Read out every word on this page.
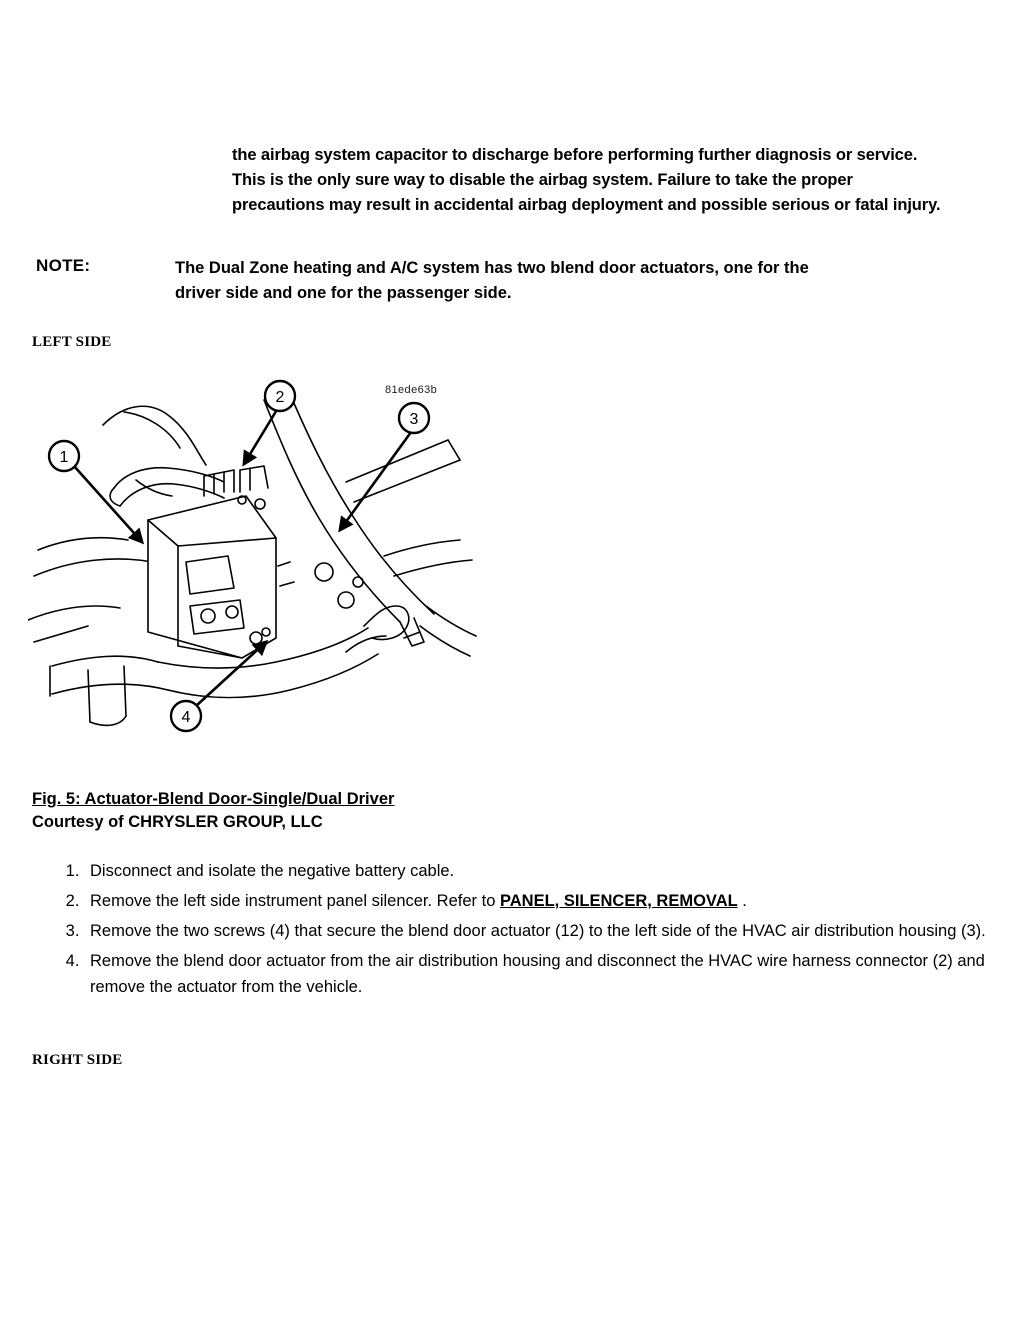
the airbag system capacitor to discharge before performing further diagnosis or service. This is the only sure way to disable the airbag system. Failure to take the proper precautions may result in accidental airbag deployment and possible serious or fatal injury.

NOTE:	The Dual Zone heating and A/C system has two blend door actuators, one for the driver side and one for the passenger side.
LEFT SIDE
1
2
3
4
81ede63b
Fig. 5: Actuator-Blend Door-Single/Dual Driver
Courtesy of CHRYSLER GROUP, LLC
1. Disconnect and isolate the negative battery cable.
2. Remove the left side instrument panel silencer. Refer to PANEL, SILENCER, REMOVAL .
3. Remove the two screws (4) that secure the blend door actuator (12) to the left side of the HVAC air distribution housing (3).
4. Remove the blend door actuator from the air distribution housing and disconnect the HVAC wire harness connector (2) and remove the actuator from the vehicle.
RIGHT SIDE
